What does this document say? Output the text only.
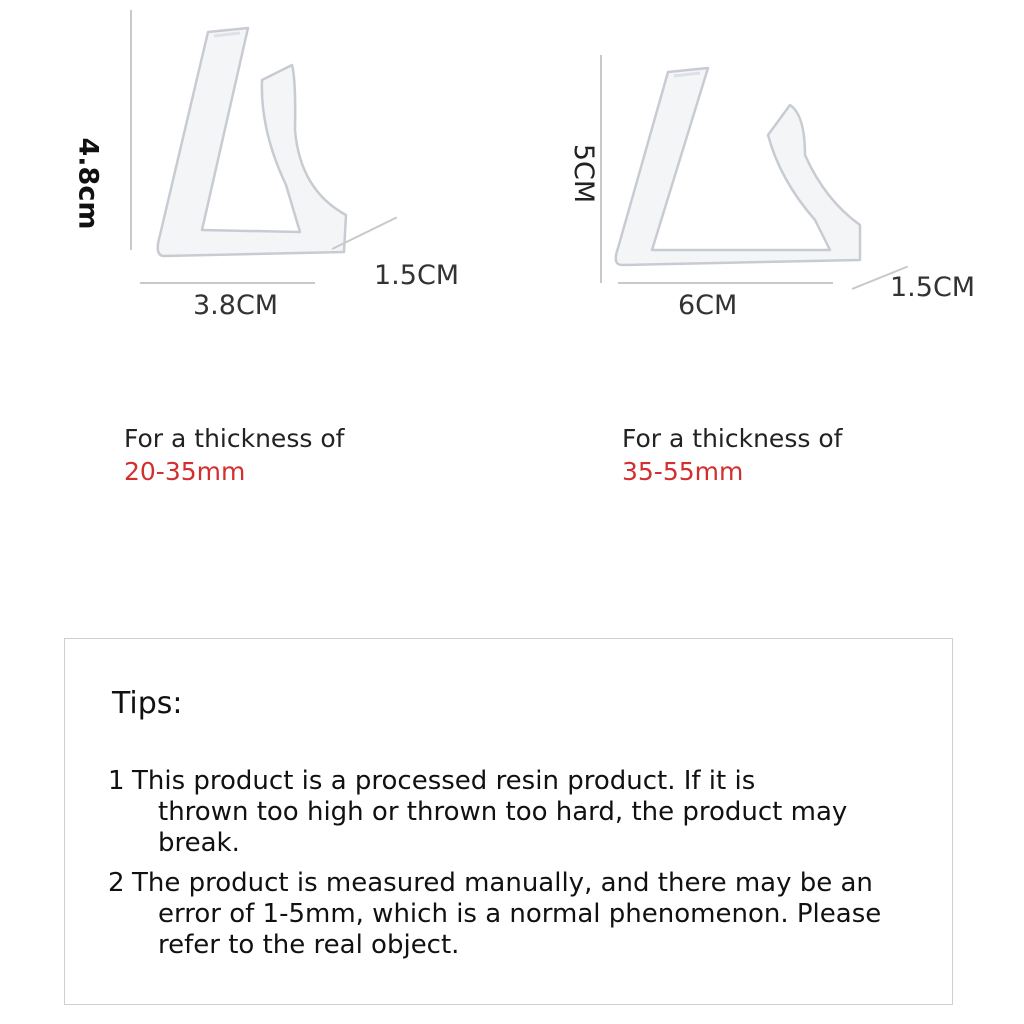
4.8cm
3.8CM
1.5CM
For a thickness of
20-35mm
5CM
6CM
1.5CM
For a thickness of
35-55mm
Tips:
1 This product is a processed resin product. If it is
thrown too high or thrown too hard, the product may
break.
2 The product is measured manually, and there may be an
error of 1-5mm, which is a normal phenomenon. Please
refer to the real object.
